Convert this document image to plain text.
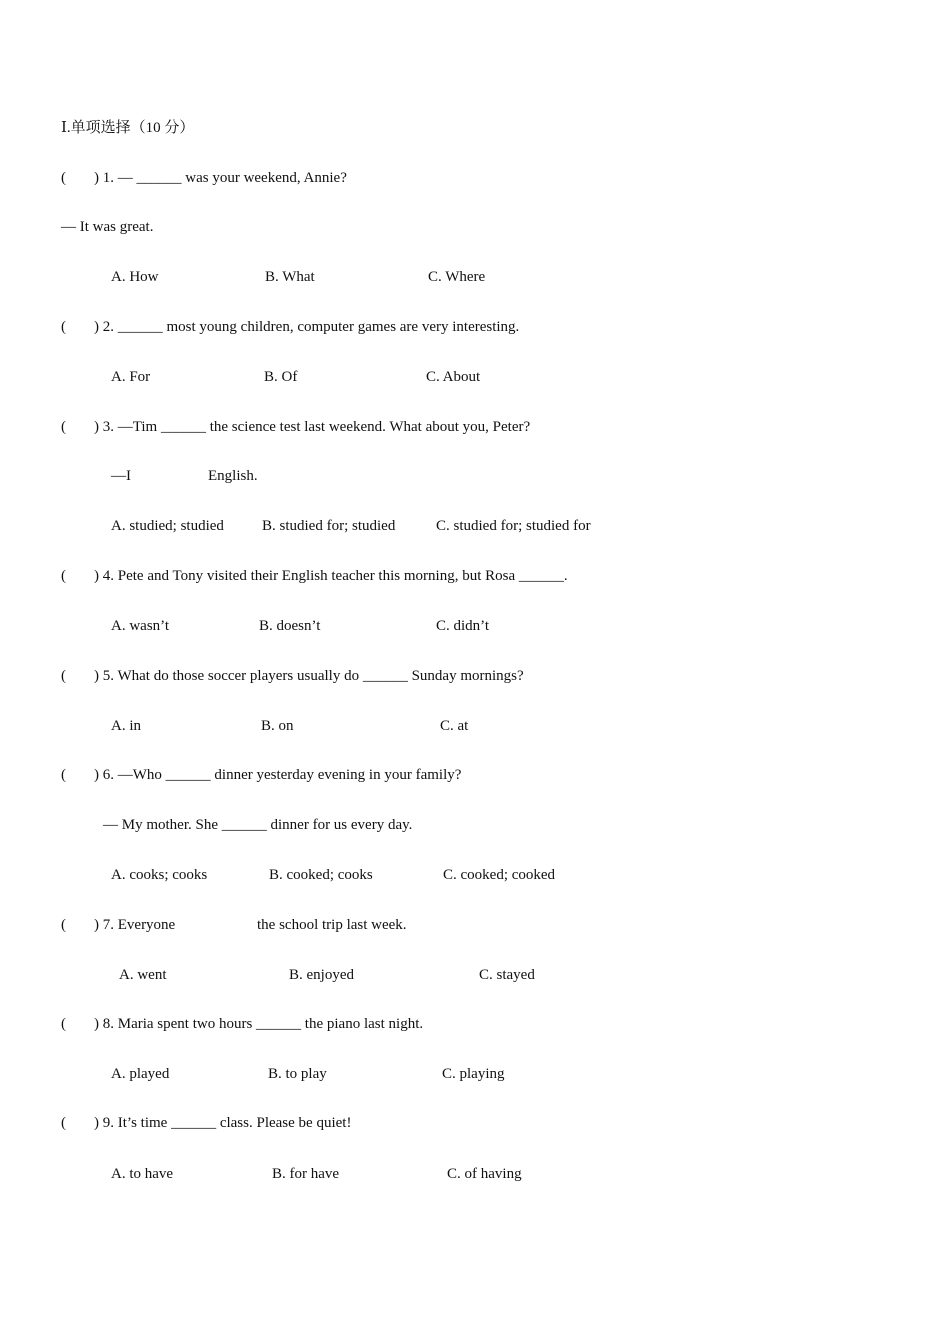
Ⅰ.单项选择（10 分）
( ) 1. — ______ was your weekend, Annie?
— It was great.
A. How	B. What	C. Where
( ) 2. ______ most young children, computer games are very interesting.
A. For	B. Of	C. About
( ) 3. —Tim ______ the science test last weekend. What about you, Peter?
—I	English.
A. studied; studied	B. studied for; studied	C. studied for; studied for
( ) 4. Pete and Tony visited their English teacher this morning, but Rosa ______.
A. wasn’t	B. doesn’t	C. didn’t
( ) 5. What do those soccer players usually do ______ Sunday mornings?
A. in	B. on	C. at
( ) 6. —Who ______ dinner yesterday evening in your family?
— My mother. She ______ dinner for us every day.
A. cooks; cooks	B. cooked; cooks	C. cooked; cooked
( ) 7. Everyone	the school trip last week.
A. went	B. enjoyed	C. stayed
( ) 8. Maria spent two hours ______ the piano last night.
A. played	B. to play	C. playing
( ) 9. It’s time ______ class. Please be quiet!
A. to have	B. for have	C. of having
